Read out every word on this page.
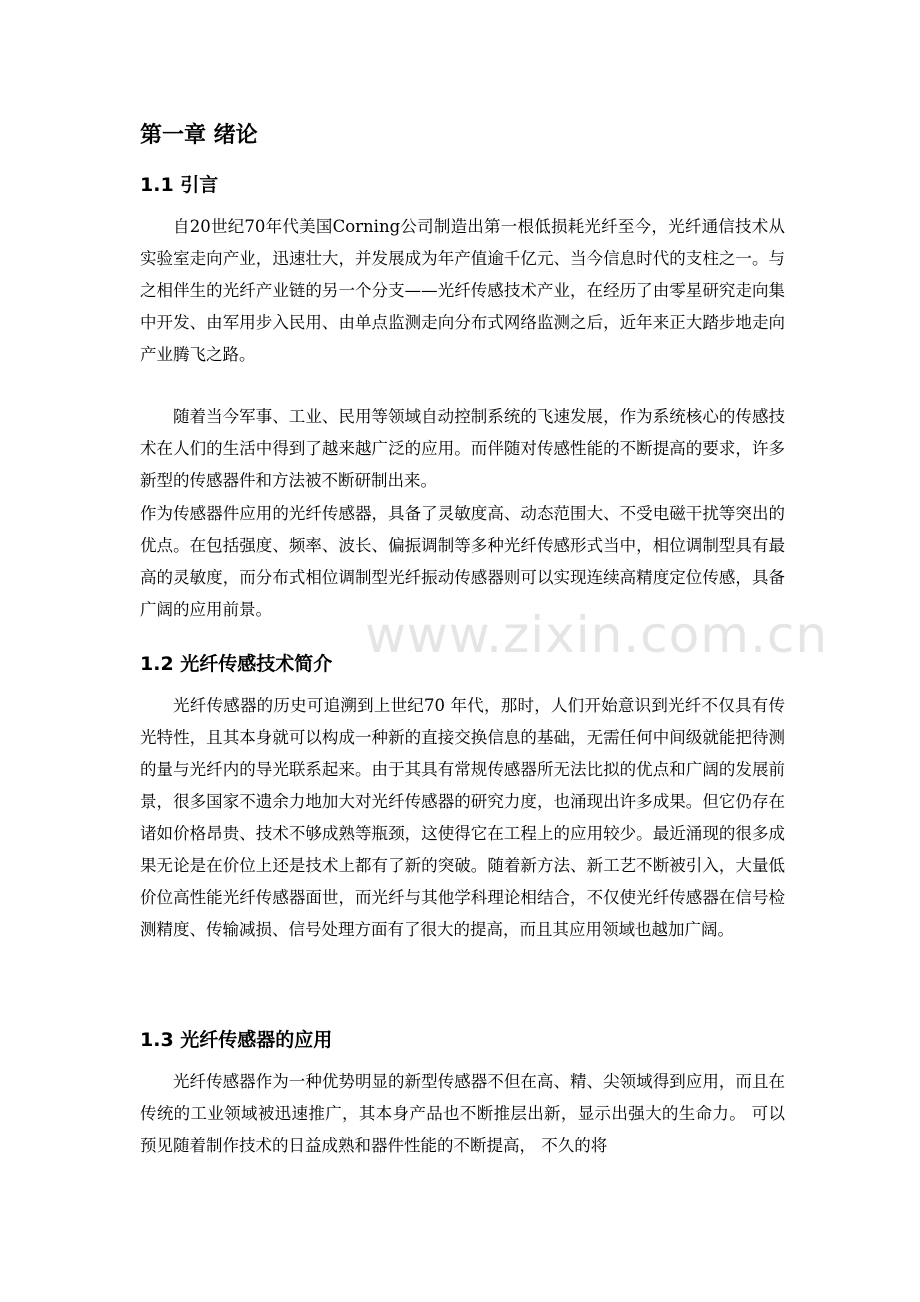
第一章 绪论
1.1 引言

自20世纪70年代美国Corning公司制造出第一根低损耗光纤至今，光纤通信技术从实验室走向产业，迅速壮大，并发展成为年产值逾千亿元、当今信息时代的支柱之一。与之相伴生的光纤产业链的另一个分支——光纤传感技术产业，在经历了由零星研究走向集中开发、由军用步入民用、由单点监测走向分布式网络监测之后，近年来正大踏步地走向产业腾飞之路。

随着当今军事、工业、民用等领域自动控制系统的飞速发展，作为系统核心的传感技术在人们的生活中得到了越来越广泛的应用。而伴随对传感性能的不断提高的要求，许多新型的传感器件和方法被不断研制出来。

作为传感器件应用的光纤传感器，具备了灵敏度高、动态范围大、不受电磁干扰等突出的优点。在包括强度、频率、波长、偏振调制等多种光纤传感形式当中，相位调制型具有最高的灵敏度，而分布式相位调制型光纤振动传感器则可以实现连续高精度定位传感，具备广阔的应用前景。

1.2 光纤传感技术简介

光纤传感器的历史可追溯到上世纪70 年代，那时，人们开始意识到光纤不仅具有传光特性，且其本身就可以构成一种新的直接交换信息的基础，无需任何中间级就能把待测的量与光纤内的导光联系起来。由于其具有常规传感器所无法比拟的优点和广阔的发展前景，很多国家不遗余力地加大对光纤传感器的研究力度，也涌现出许多成果。但它仍存在诸如价格昂贵、技术不够成熟等瓶颈，这使得它在工程上的应用较少。最近涌现的很多成果无论是在价位上还是技术上都有了新的突破。随着新方法、新工艺不断被引入，大量低价位高性能光纤传感器面世，而光纤与其他学科理论相结合，不仅使光纤传感器在信号检测精度、传输减损、信号处理方面有了很大的提高，而且其应用领域也越加广阔。

1.3 光纤传感器的应用

光纤传感器作为一种优势明显的新型传感器不但在高、精、尖领域得到应用，而且在传统的工业领域被迅速推广，其本身产品也不断推层出新，显示出强大的生命力。 可以预见随着制作技术的日益成熟和器件性能的不断提高， 不久的将

www.zixin.com.cn
